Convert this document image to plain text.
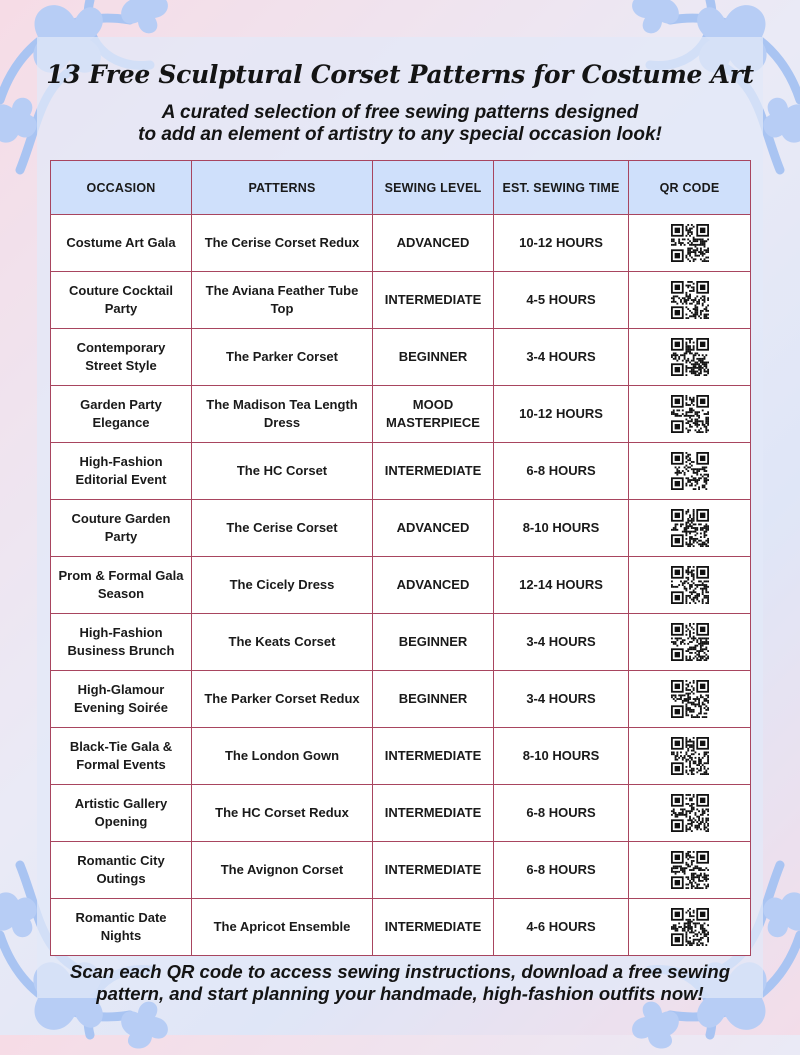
13 Free Sculptural Corset Patterns for Costume Art

A curated selection of free sewing patterns designed
to add an element of artistry to any special occasion look!

OCCASION	PATTERNS	SEWING LEVEL	EST. SEWING TIME	QR CODE
Costume Art Gala	The Cerise Corset Redux	ADVANCED	10-12 HOURS	

Couture Cocktail Party	The Aviana Feather Tube Top	INTERMEDIATE	4-5 HOURS	

Contemporary Street Style	The Parker Corset	BEGINNER	3-4 HOURS	

Garden Party Elegance	The Madison Tea Length Dress	MOOD MASTERPIECE	10-12 HOURS	

High-Fashion Editorial Event	The HC Corset	INTERMEDIATE	6-8 HOURS	

Couture Garden Party	The Cerise Corset	ADVANCED	8-10 HOURS	

Prom & Formal Gala Season	The Cicely Dress	ADVANCED	12-14 HOURS	

High-Fashion Business Brunch	The Keats Corset	BEGINNER	3-4 HOURS	

High-Glamour Evening Soirée	The Parker Corset Redux	BEGINNER	3-4 HOURS	

Black-Tie Gala & Formal Events	The London Gown	INTERMEDIATE	8-10 HOURS	

Artistic Gallery Opening	The HC Corset Redux	INTERMEDIATE	6-8 HOURS	

Romantic City Outings	The Avignon Corset	INTERMEDIATE	6-8 HOURS	

Romantic Date Nights	The Apricot Ensemble	INTERMEDIATE	4-6 HOURS	

Scan each QR code to access sewing instructions, download a free sewing
pattern, and start planning your handmade, high-fashion outfits now!
